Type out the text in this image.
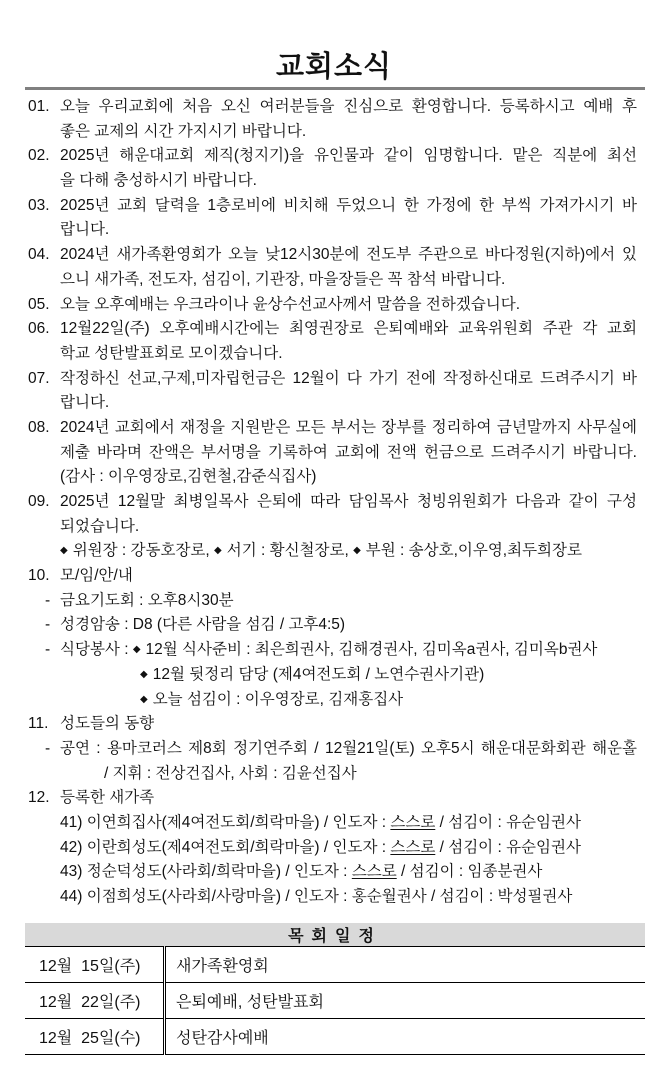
교회소식
01. 오늘 우리교회에 처음 오신 여러분들을 진심으로 환영합니다. 등록하시고 예배 후
좋은 교제의 시간 가지시기 바랍니다.
02. 2025년 해운대교회 제직(청지기)을 유인물과 같이 임명합니다. 맡은 직분에 최선
을 다해 충성하시기 바랍니다.
03. 2025년 교회 달력을 1층로비에 비치해 두었으니 한 가정에 한 부씩 가져가시기 바
랍니다.
04. 2024년 새가족환영회가 오늘 낮12시30분에 전도부 주관으로 바다정원(지하)에서 있
으니 새가족, 전도자, 섬김이, 기관장, 마을장들은 꼭 참석 바랍니다.
05. 오늘 오후예배는 우크라이나 윤상수선교사께서 말씀을 전하겠습니다.
06. 12월22일(주) 오후예배시간에는 최영권장로 은퇴예배와 교육위원회 주관 각 교회
학교 성탄발표회로 모이겠습니다.
07. 작정하신 선교,구제,미자립헌금은 12월이 다 가기 전에 작정하신대로 드려주시기 바
랍니다.
08. 2024년 교회에서 재정을 지원받은 모든 부서는 장부를 정리하여 금년말까지 사무실에
제출 바라며 잔액은 부서명을 기록하여 교회에 전액 헌금으로 드려주시기 바랍니다.
(감사 : 이우영장로,김현철,감준식집사)
09. 2025년 12월말 최병일목사 은퇴에 따라 담임목사 청빙위원회가 다음과 같이 구성
되었습니다.
◆ 위원장 : 강동호장로, ◆ 서기 : 황신철장로, ◆ 부원 : 송상호,이우영,최두희장로
10. 모/임/안/내
- 금요기도회 : 오후8시30분
- 성경암송 : D8 (다른 사람을 섬김 / 고후4:5)
- 식당봉사 : ◆ 12월 식사준비 : 최은희권사, 김해경권사, 김미옥a권사, 김미옥b권사
◆ 12월 뒷정리 담당 (제4여전도회 / 노연수권사기관)
◆ 오늘 섬김이 : 이우영장로, 김재홍집사
11. 성도들의 동향
- 공연 : 용마코러스 제8회 정기연주회 / 12월21일(토) 오후5시 해운대문화회관 해운홀
/ 지휘 : 전상건집사, 사회 : 김윤선집사
12. 등록한 새가족
41) 이연희집사(제4여전도회/희락마을) / 인도자 : 스스로 / 섬김이 : 유순임권사
42) 이란희성도(제4여전도회/희락마을) / 인도자 : 스스로 / 섬김이 : 유순임권사
43) 정순덕성도(사라회/희락마을) / 인도자 : 스스로 / 섬김이 : 임종분권사
44) 이점희성도(사라회/사랑마을) / 인도자 : 홍순월권사 / 섬김이 : 박성필권사
목회일정	
12월  15일(주)	새가족환영회
12월  22일(주)	은퇴예배, 성탄발표회
12월  25일(수)	성탄감사예배
